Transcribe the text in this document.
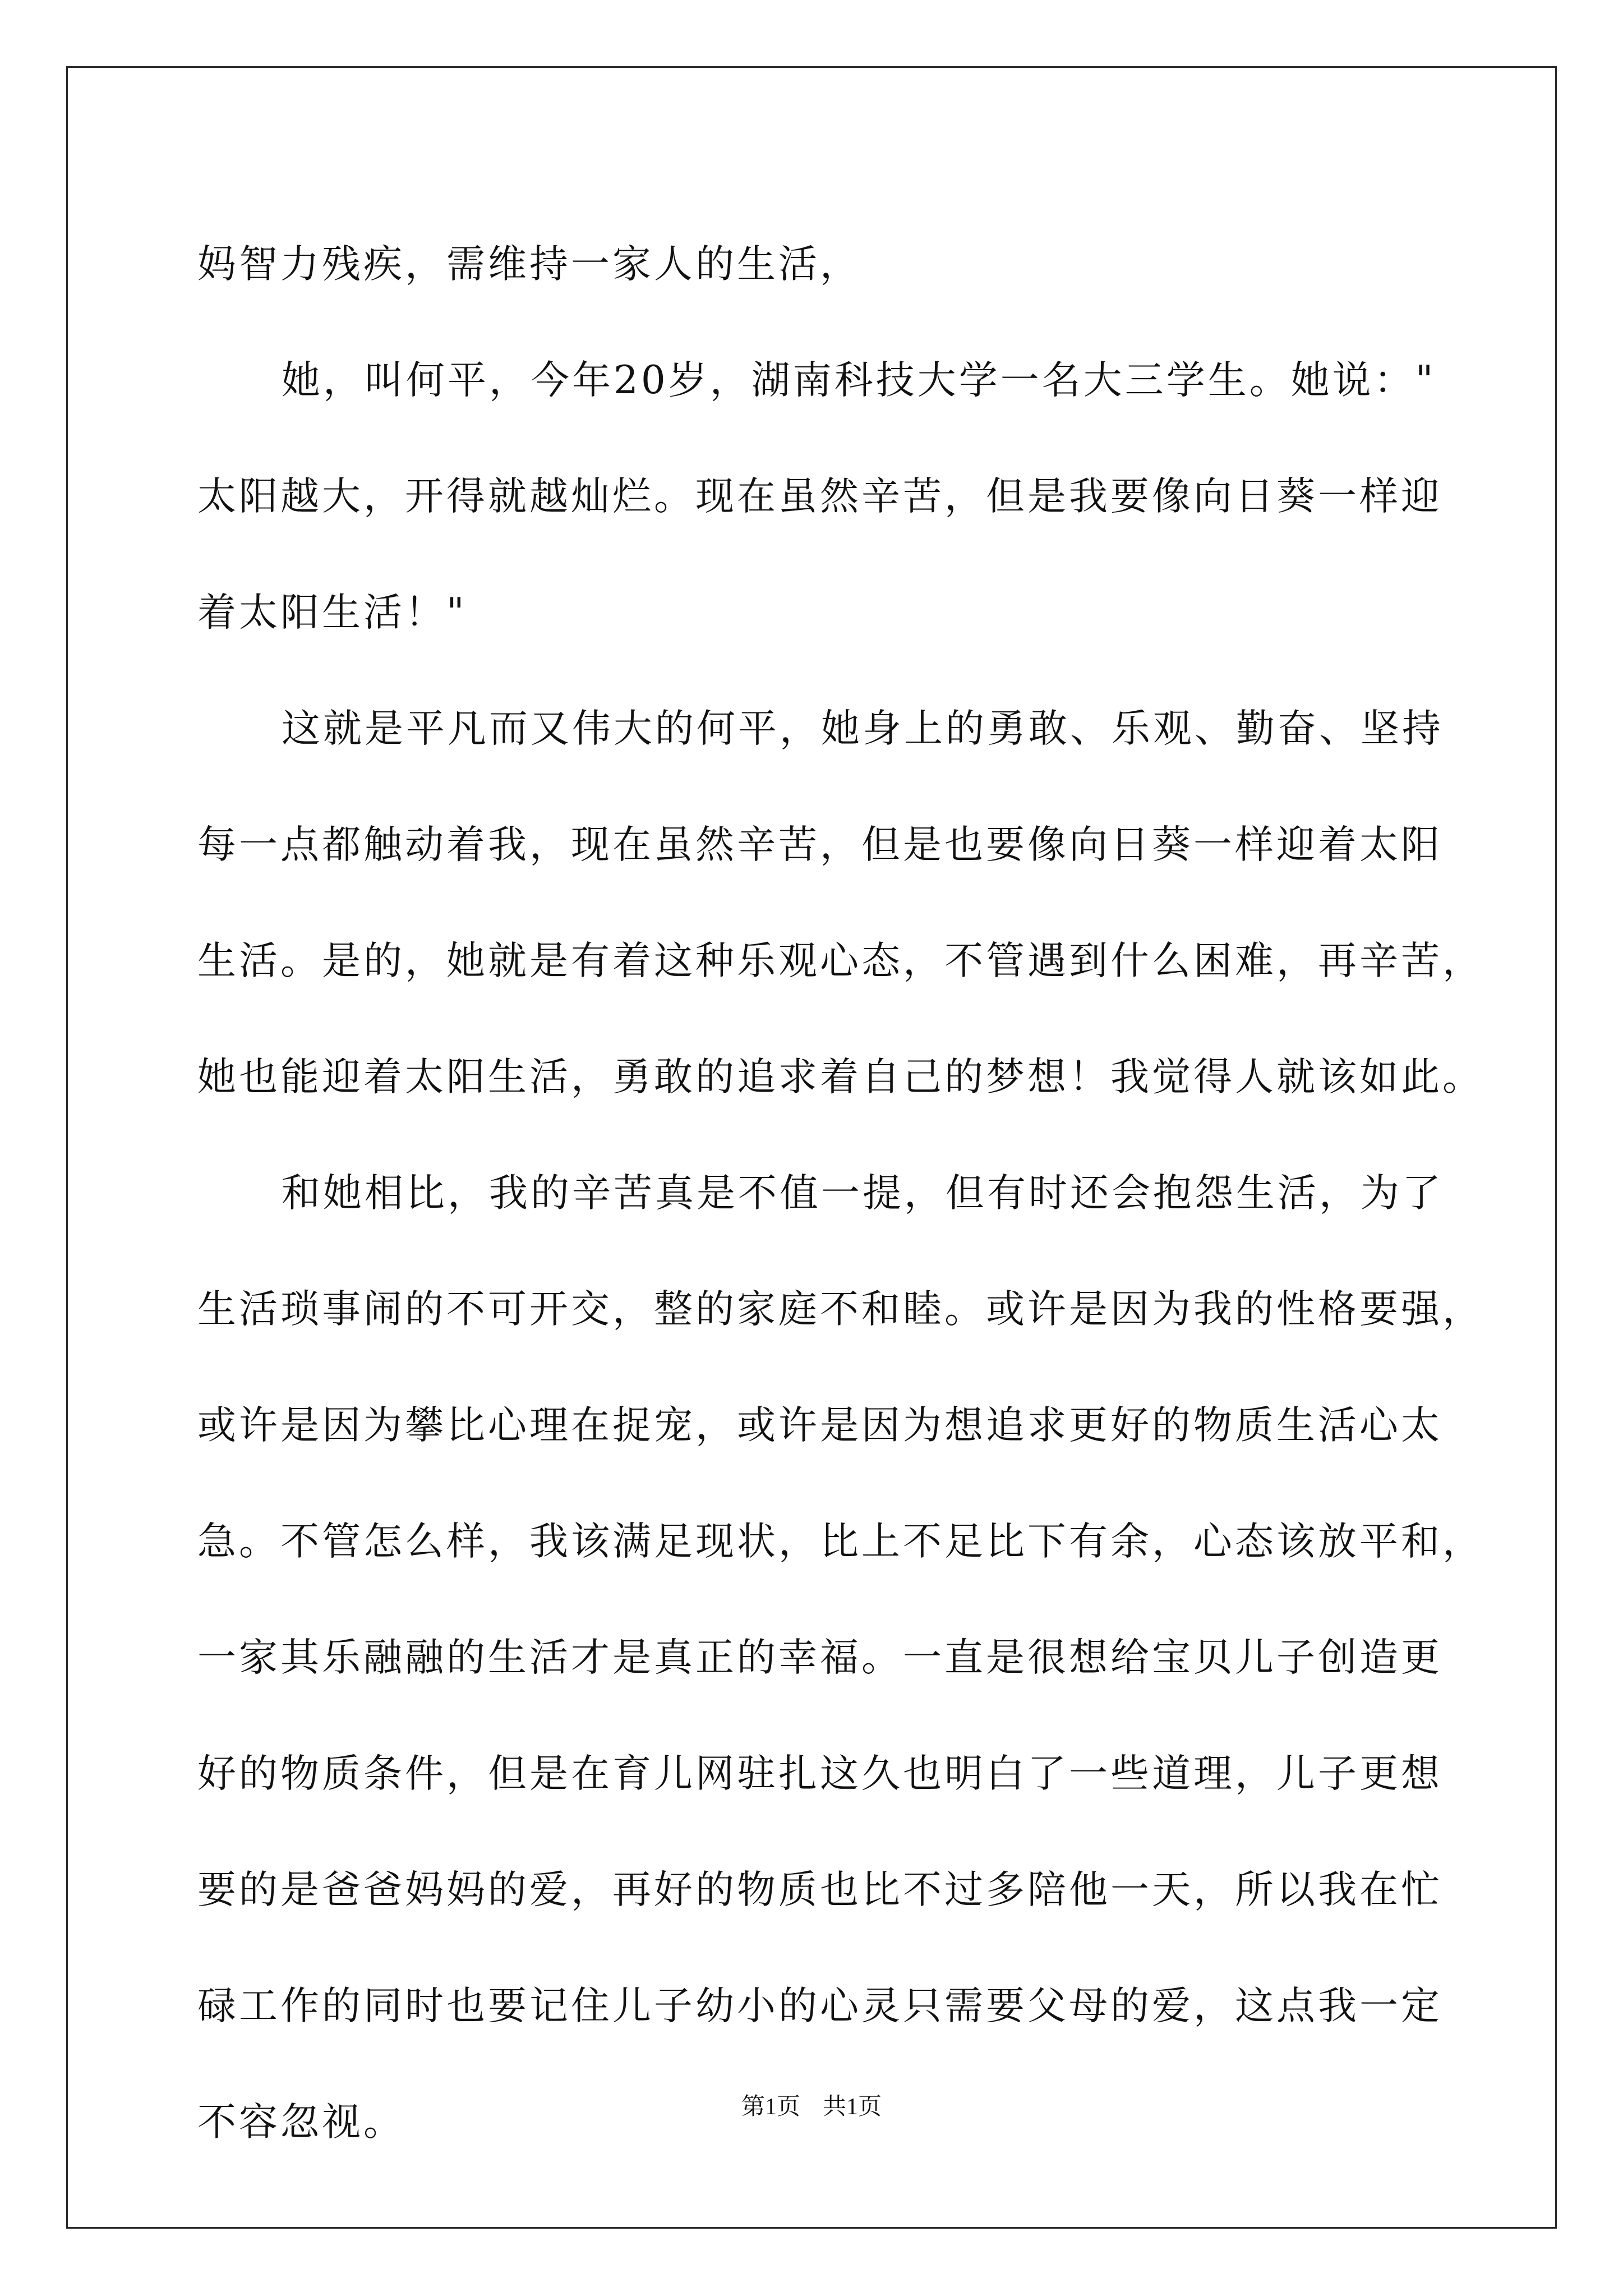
妈智力残疾，需维持一家人的生活，
她，叫何平，今年20岁，湖南科技大学一名大三学生。她说："
太阳越大，开得就越灿烂。现在虽然辛苦，但是我要像向日葵一样迎
着太阳生活！"
这就是平凡而又伟大的何平，她身上的勇敢、乐观、勤奋、坚持
每一点都触动着我，现在虽然辛苦，但是也要像向日葵一样迎着太阳
生活。是的，她就是有着这种乐观心态，不管遇到什么困难，再辛苦，
她也能迎着太阳生活，勇敢的追求着自己的梦想！我觉得人就该如此。
和她相比，我的辛苦真是不值一提，但有时还会抱怨生活，为了
生活琐事闹的不可开交，整的家庭不和睦。或许是因为我的性格要强，
或许是因为攀比心理在捉宠，或许是因为想追求更好的物质生活心太
急。不管怎么样，我该满足现状，比上不足比下有余，心态该放平和，
一家其乐融融的生活才是真正的幸福。一直是很想给宝贝儿子创造更
好的物质条件，但是在育儿网驻扎这久也明白了一些道理，儿子更想
要的是爸爸妈妈的爱，再好的物质也比不过多陪他一天，所以我在忙
碌工作的同时也要记住儿子幼小的心灵只需要父母的爱，这点我一定
不容忽视。	第1页 共1页
